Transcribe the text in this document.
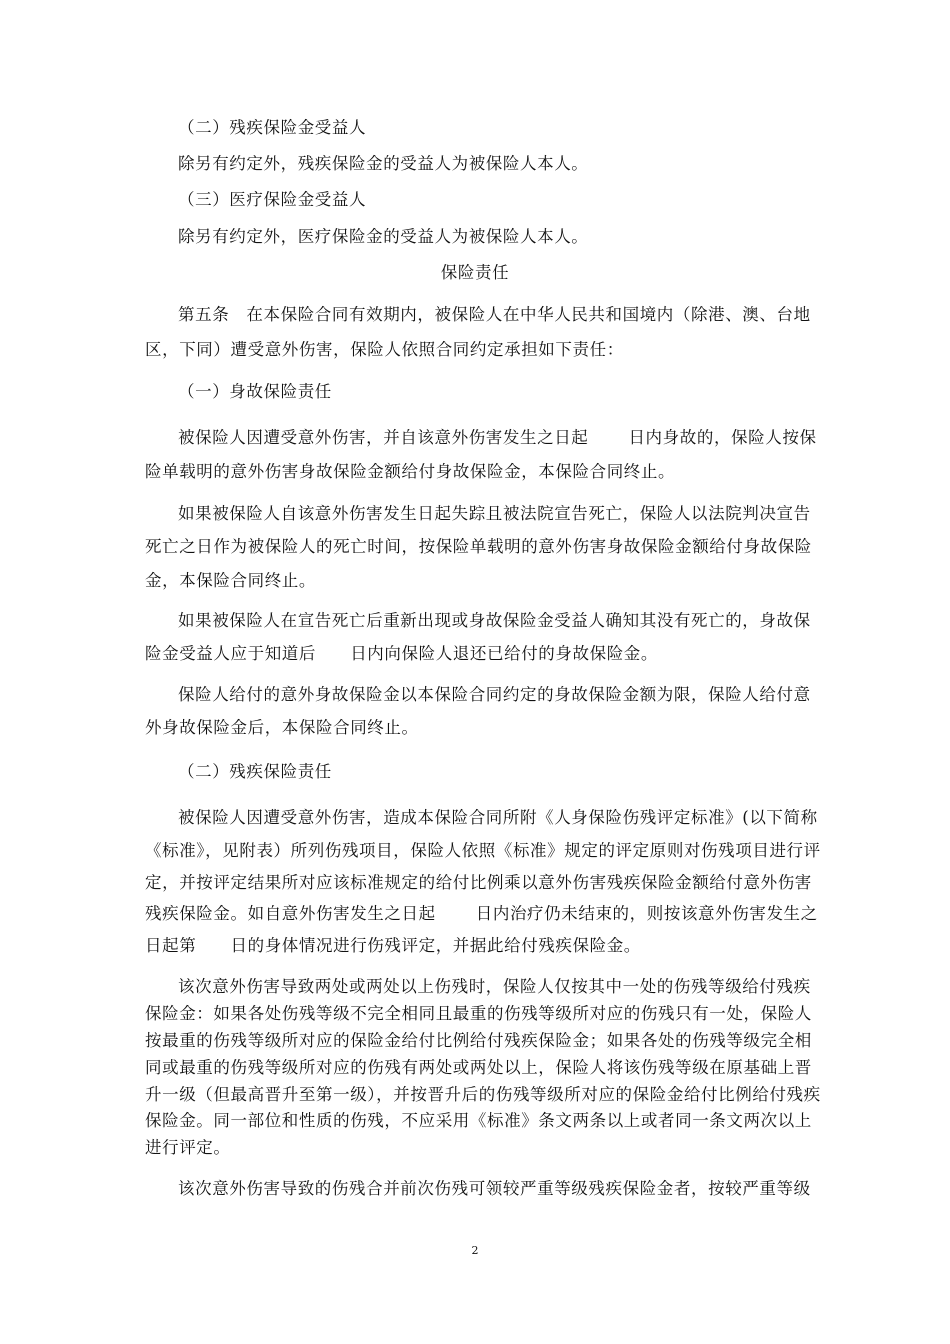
（二）残疾保险金受益人
除另有约定外，残疾保险金的受益人为被保险人本人。
（三）医疗保险金受益人
除另有约定外，医疗保险金的受益人为被保险人本人。
保险责任
第五条　在本保险合同有效期内，被保险人在中华人民共和国境内（除港、澳、台地
区，下同）遭受意外伤害，保险人依照合同约定承担如下责任：
（一）身故保险责任
被保险人因遭受意外伤害，并自该意外伤害发生之日起　　 日内身故的，保险人按保
险单载明的意外伤害身故保险金额给付身故保险金，本保险合同终止。
如果被保险人自该意外伤害发生日起失踪且被法院宣告死亡，保险人以法院判决宣告
死亡之日作为被保险人的死亡时间，按保险单载明的意外伤害身故保险金额给付身故保险
金，本保险合同终止。
如果被保险人在宣告死亡后重新出现或身故保险金受益人确知其没有死亡的，身故保
险金受益人应于知道后　　日内向保险人退还已给付的身故保险金。
保险人给付的意外身故保险金以本保险合同约定的身故保险金额为限，保险人给付意
外身故保险金后，本保险合同终止。
（二）残疾保险责任
被保险人因遭受意外伤害，造成本保险合同所附《人身保险伤残评定标准》(以下简称
《标准》，见附表）所列伤残项目，保险人依照《标准》规定的评定原则对伤残项目进行评
定，并按评定结果所对应该标准规定的给付比例乘以意外伤害残疾保险金额给付意外伤害
残疾保险金。如自意外伤害发生之日起　　 日内治疗仍未结束的，则按该意外伤害发生之
日起第　　日的身体情况进行伤残评定，并据此给付残疾保险金。
该次意外伤害导致两处或两处以上伤残时，保险人仅按其中一处的伤残等级给付残疾
保险金：如果各处伤残等级不完全相同且最重的伤残等级所对应的伤残只有一处，保险人
按最重的伤残等级所对应的保险金给付比例给付残疾保险金；如果各处的伤残等级完全相
同或最重的伤残等级所对应的伤残有两处或两处以上，保险人将该伤残等级在原基础上晋
升一级（但最高晋升至第一级），并按晋升后的伤残等级所对应的保险金给付比例给付残疾
保险金。同一部位和性质的伤残，不应采用《标准》条文两条以上或者同一条文两次以上
进行评定。
该次意外伤害导致的伤残合并前次伤残可领较严重等级残疾保险金者，按较严重等级
2
